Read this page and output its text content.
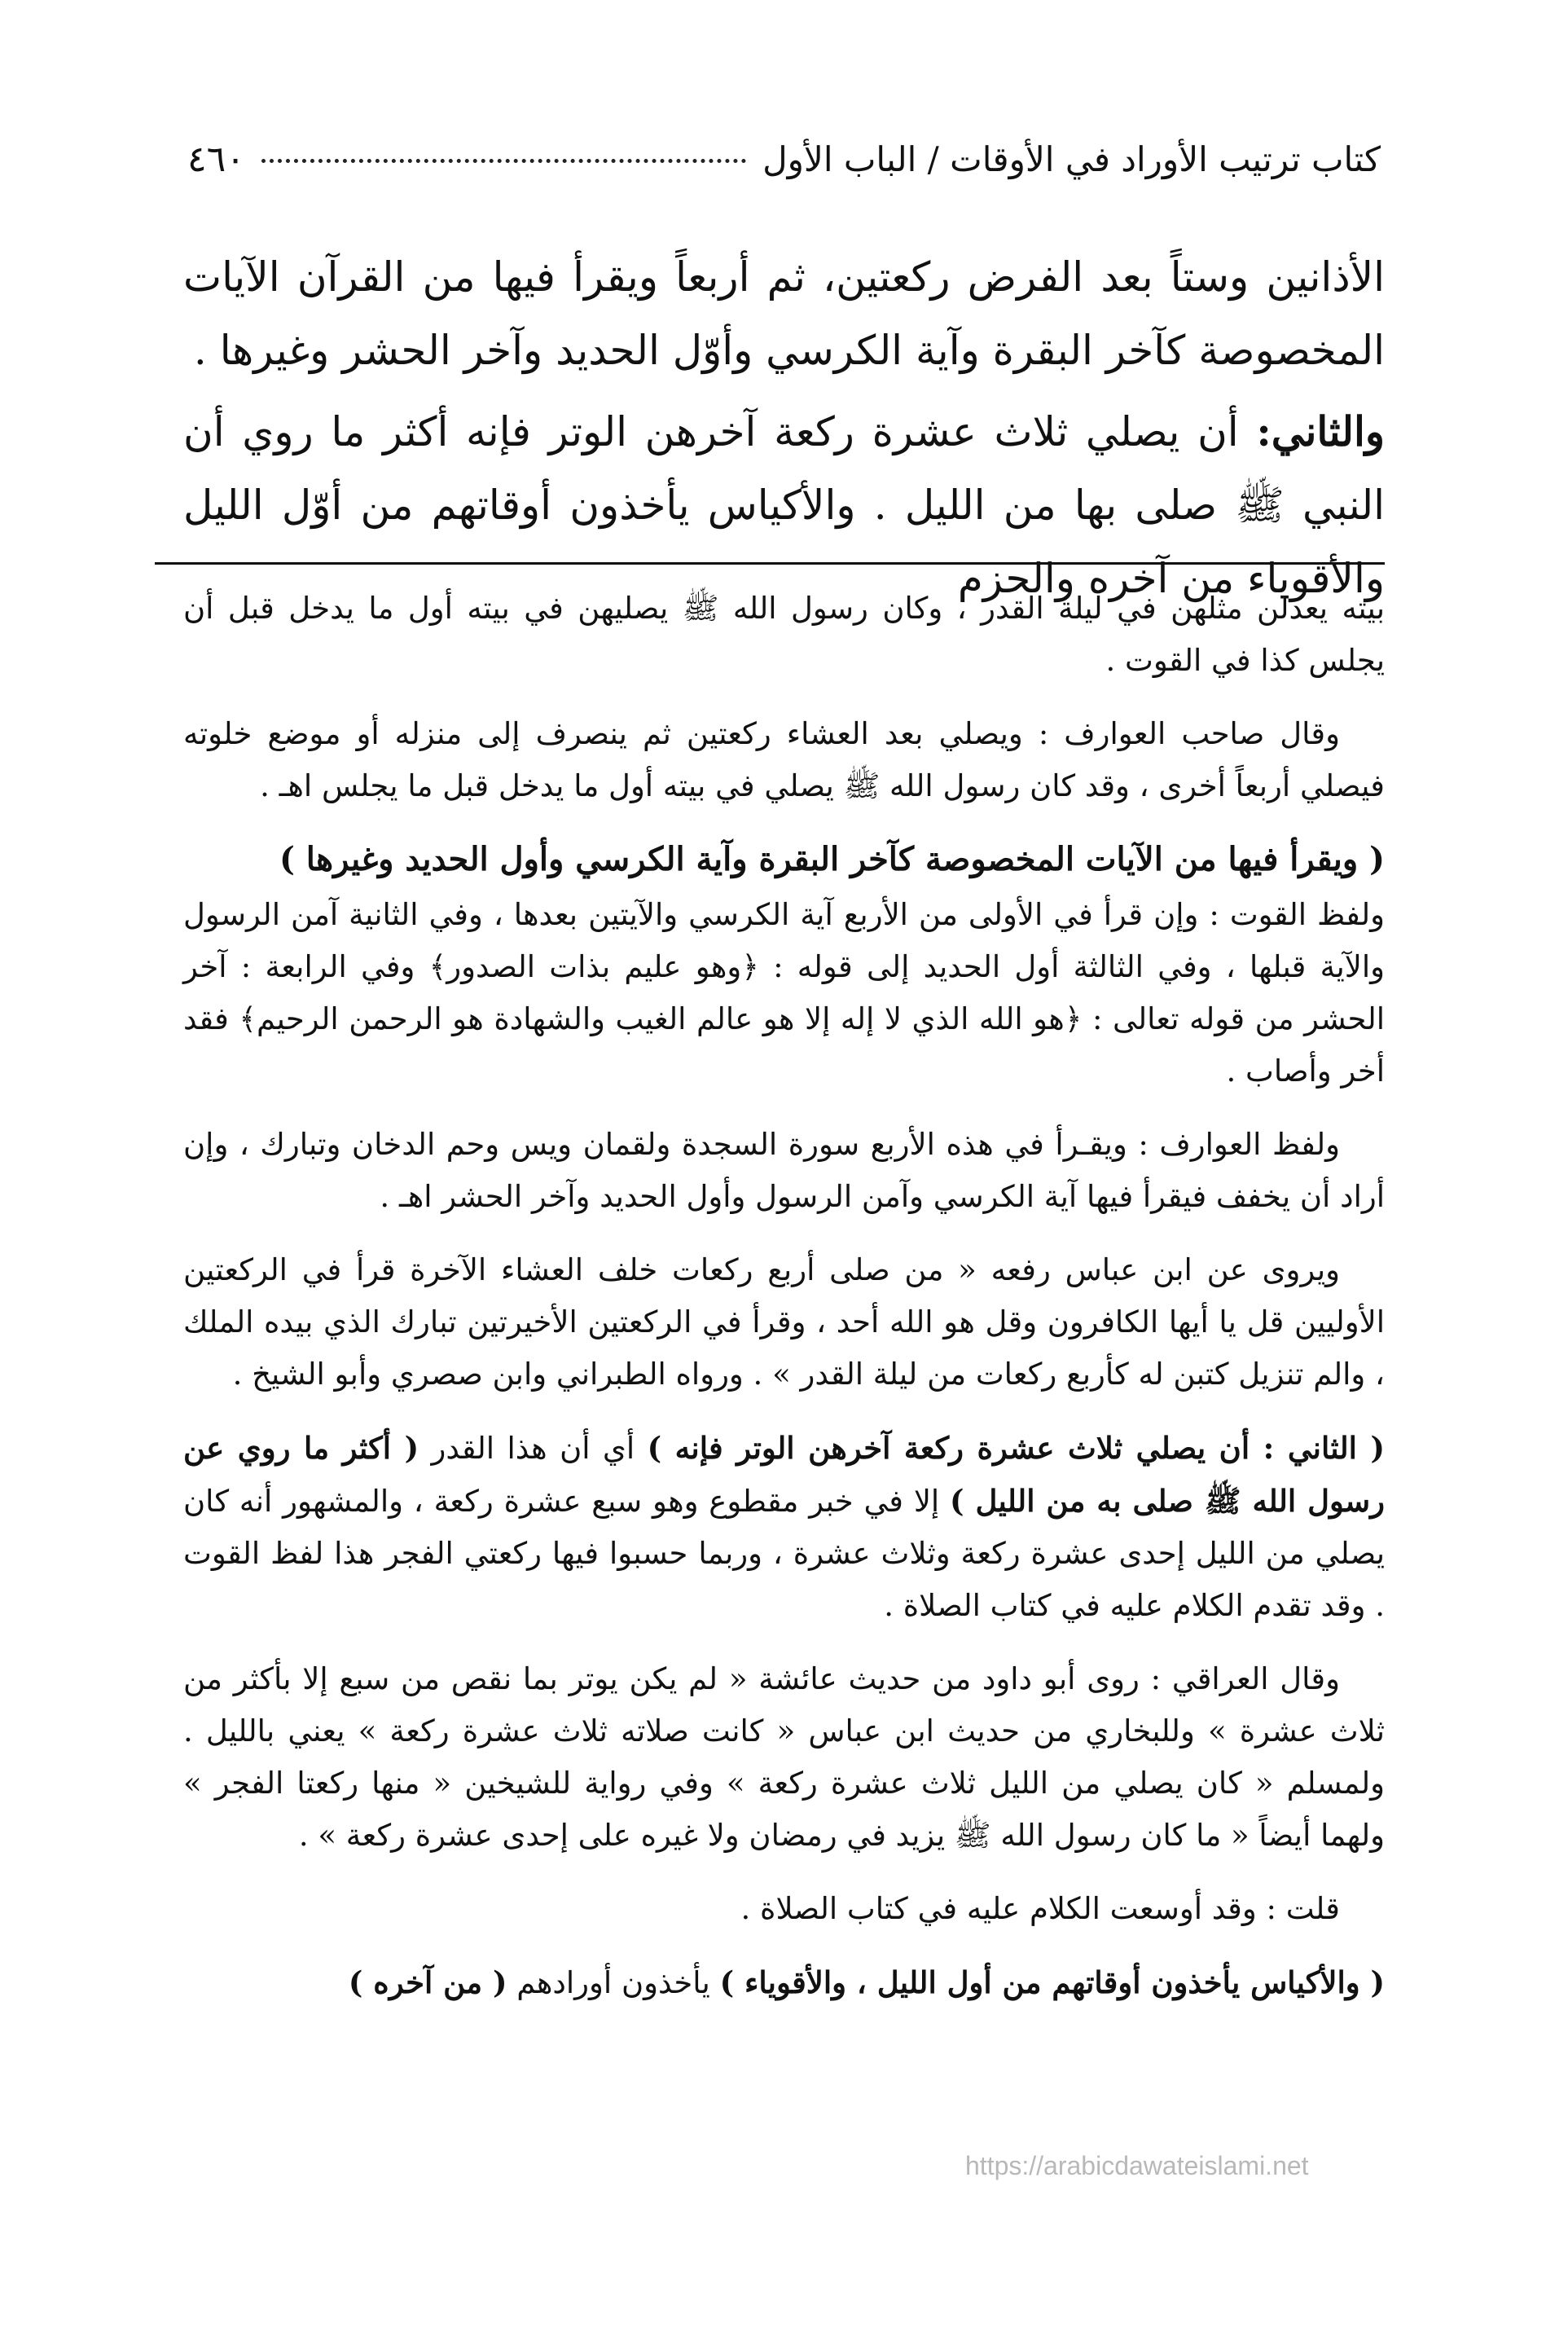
كتاب ترتيب الأوراد في الأوقات / الباب الأول
٤٦٠

الأذانين وستاً بعد الفرض ركعتين، ثم أربعاً ويقرأ فيها من القرآن الآيات المخصوصة كآخر البقرة وآية الكرسي وأوّل الحديد وآخر الحشر وغيرها .

والثاني: أن يصلي ثلاث عشرة ركعة آخرهن الوتر فإنه أكثر ما روي أن النبي ﷺ صلى بها من الليل . والأكياس يأخذون أوقاتهم من أوّل الليل والأقوياء من آخره والحزم

بيته يعدلن مثلهن في ليلة القدر ، وكان رسول الله ﷺ يصليهن في بيته أول ما يدخل قبل أن يجلس كذا في القوت .

وقال صاحب العوارف : ويصلي بعد العشاء ركعتين ثم ينصرف إلى منزله أو موضع خلوته فيصلي أربعاً أخرى ، وقد كان رسول الله ﷺ يصلي في بيته أول ما يدخل قبل ما يجلس اهـ .

( ويقرأ فيها من الآيات المخصوصة كآخر البقرة وآية الكرسي وأول الحديد وغيرها )

ولفظ القوت : وإن قرأ في الأولى من الأربع آية الكرسي والآيتين بعدها ، وفي الثانية آمن الرسول والآية قبلها ، وفي الثالثة أول الحديد إلى قوله : ﴿وهو عليم بذات الصدور﴾ وفي الرابعة : آخر الحشر من قوله تعالى : ﴿هو الله الذي لا إله إلا هو عالم الغيب والشهادة هو الرحمن الرحيم﴾ فقد أخر وأصاب .

ولفظ العوارف : ويقـرأ في هذه الأربع سورة السجدة ولقمان ويس وحم الدخان وتبارك ، وإن أراد أن يخفف فيقرأ فيها آية الكرسي وآمن الرسول وأول الحديد وآخر الحشر اهـ .

ويروى عن ابن عباس رفعه « من صلى أربع ركعات خلف العشاء الآخرة قرأ في الركعتين الأوليين قل يا أيها الكافرون وقل هو الله أحد ، وقرأ في الركعتين الأخيرتين تبارك الذي بيده الملك ، والم تنزيل كتبن له كأربع ركعات من ليلة القدر » . ورواه الطبراني وابن صصري وأبو الشيخ .

( الثاني : أن يصلي ثلاث عشرة ركعة آخرهن الوتر فإنه ) أي أن هذا القدر ( أكثر ما روي عن رسول الله ﷺ صلى به من الليل ) إلا في خبر مقطوع وهو سبع عشرة ركعة ، والمشهور أنه كان يصلي من الليل إحدى عشرة ركعة وثلاث عشرة ، وربما حسبوا فيها ركعتي الفجر هذا لفظ القوت . وقد تقدم الكلام عليه في كتاب الصلاة .

وقال العراقي : روى أبو داود من حديث عائشة « لم يكن يوتر بما نقص من سبع إلا بأكثر من ثلاث عشرة » وللبخاري من حديث ابن عباس « كانت صلاته ثلاث عشرة ركعة » يعني بالليل . ولمسلم « كان يصلي من الليل ثلاث عشرة ركعة » وفي رواية للشيخين « منها ركعتا الفجر » ولهما أيضاً « ما كان رسول الله ﷺ يزيد في رمضان ولا غيره على إحدى عشرة ركعة » .

قلت : وقد أوسعت الكلام عليه في كتاب الصلاة .

( والأكياس يأخذون أوقاتهم من أول الليل ، والأقوياء ) يأخذون أورادهم ( من آخره )

https://arabicdawateislami.net
